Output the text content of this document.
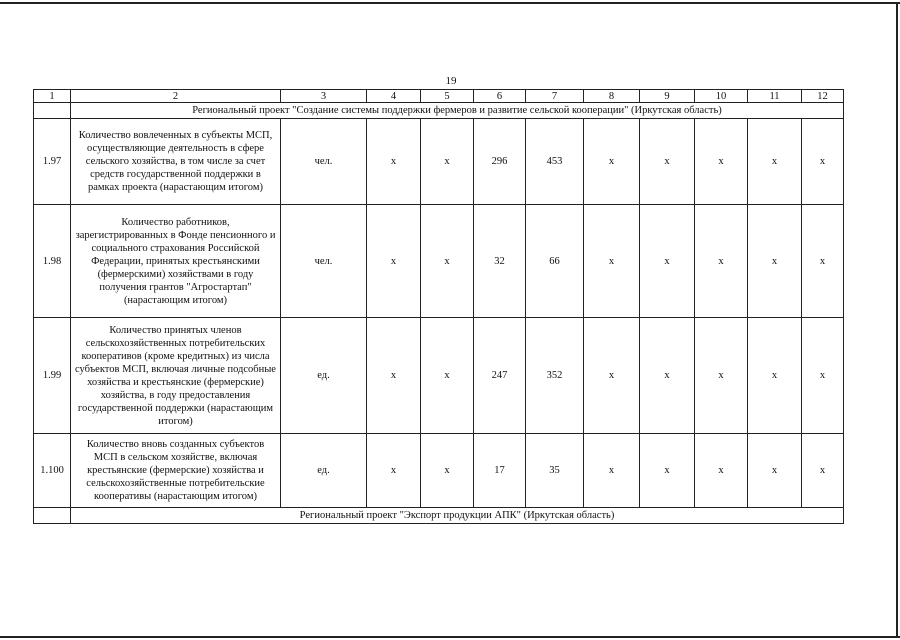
19
1	2	3	4	5	6	7	8	9	10	11	12
	Региональный проект "Создание системы поддержки фермеров и развитие сельской кооперации" (Иркутская область)										
1.97	Количество вовлеченных в субъекты МСП, осуществляющие деятельность в сфере сельского хозяйства, в том числе за счет средств государственной поддержки в рамках проекта (нарастающим итогом)	чел.	x	x	296	453	x	x	x	x	x
1.98	Количество работников, зарегистрированных в Фонде пенсионного и социального страхования Российской Федерации, принятых крестьянскими (фермерскими) хозяйствами в году получения грантов "Агростартап" (нарастающим итогом)	чел.	x	x	32	66	x	x	x	x	x
1.99	Количество принятых членов сельскохозяйственных потребительских кооперативов (кроме кредитных) из числа субъектов МСП, включая личные подсобные хозяйства и крестьянские (фермерские) хозяйства, в году предоставления государственной поддержки (нарастающим итогом)	ед.	x	x	247	352	x	x	x	x	x
1.100	Количество вновь созданных субъектов МСП в сельском хозяйстве, включая крестьянские (фермерские) хозяйства и сельскохозяйственные потребительские кооперативы (нарастающим итогом)	ед.	x	x	17	35	x	x	x	x	x
	Региональный проект "Экспорт продукции АПК" (Иркутская область)										
